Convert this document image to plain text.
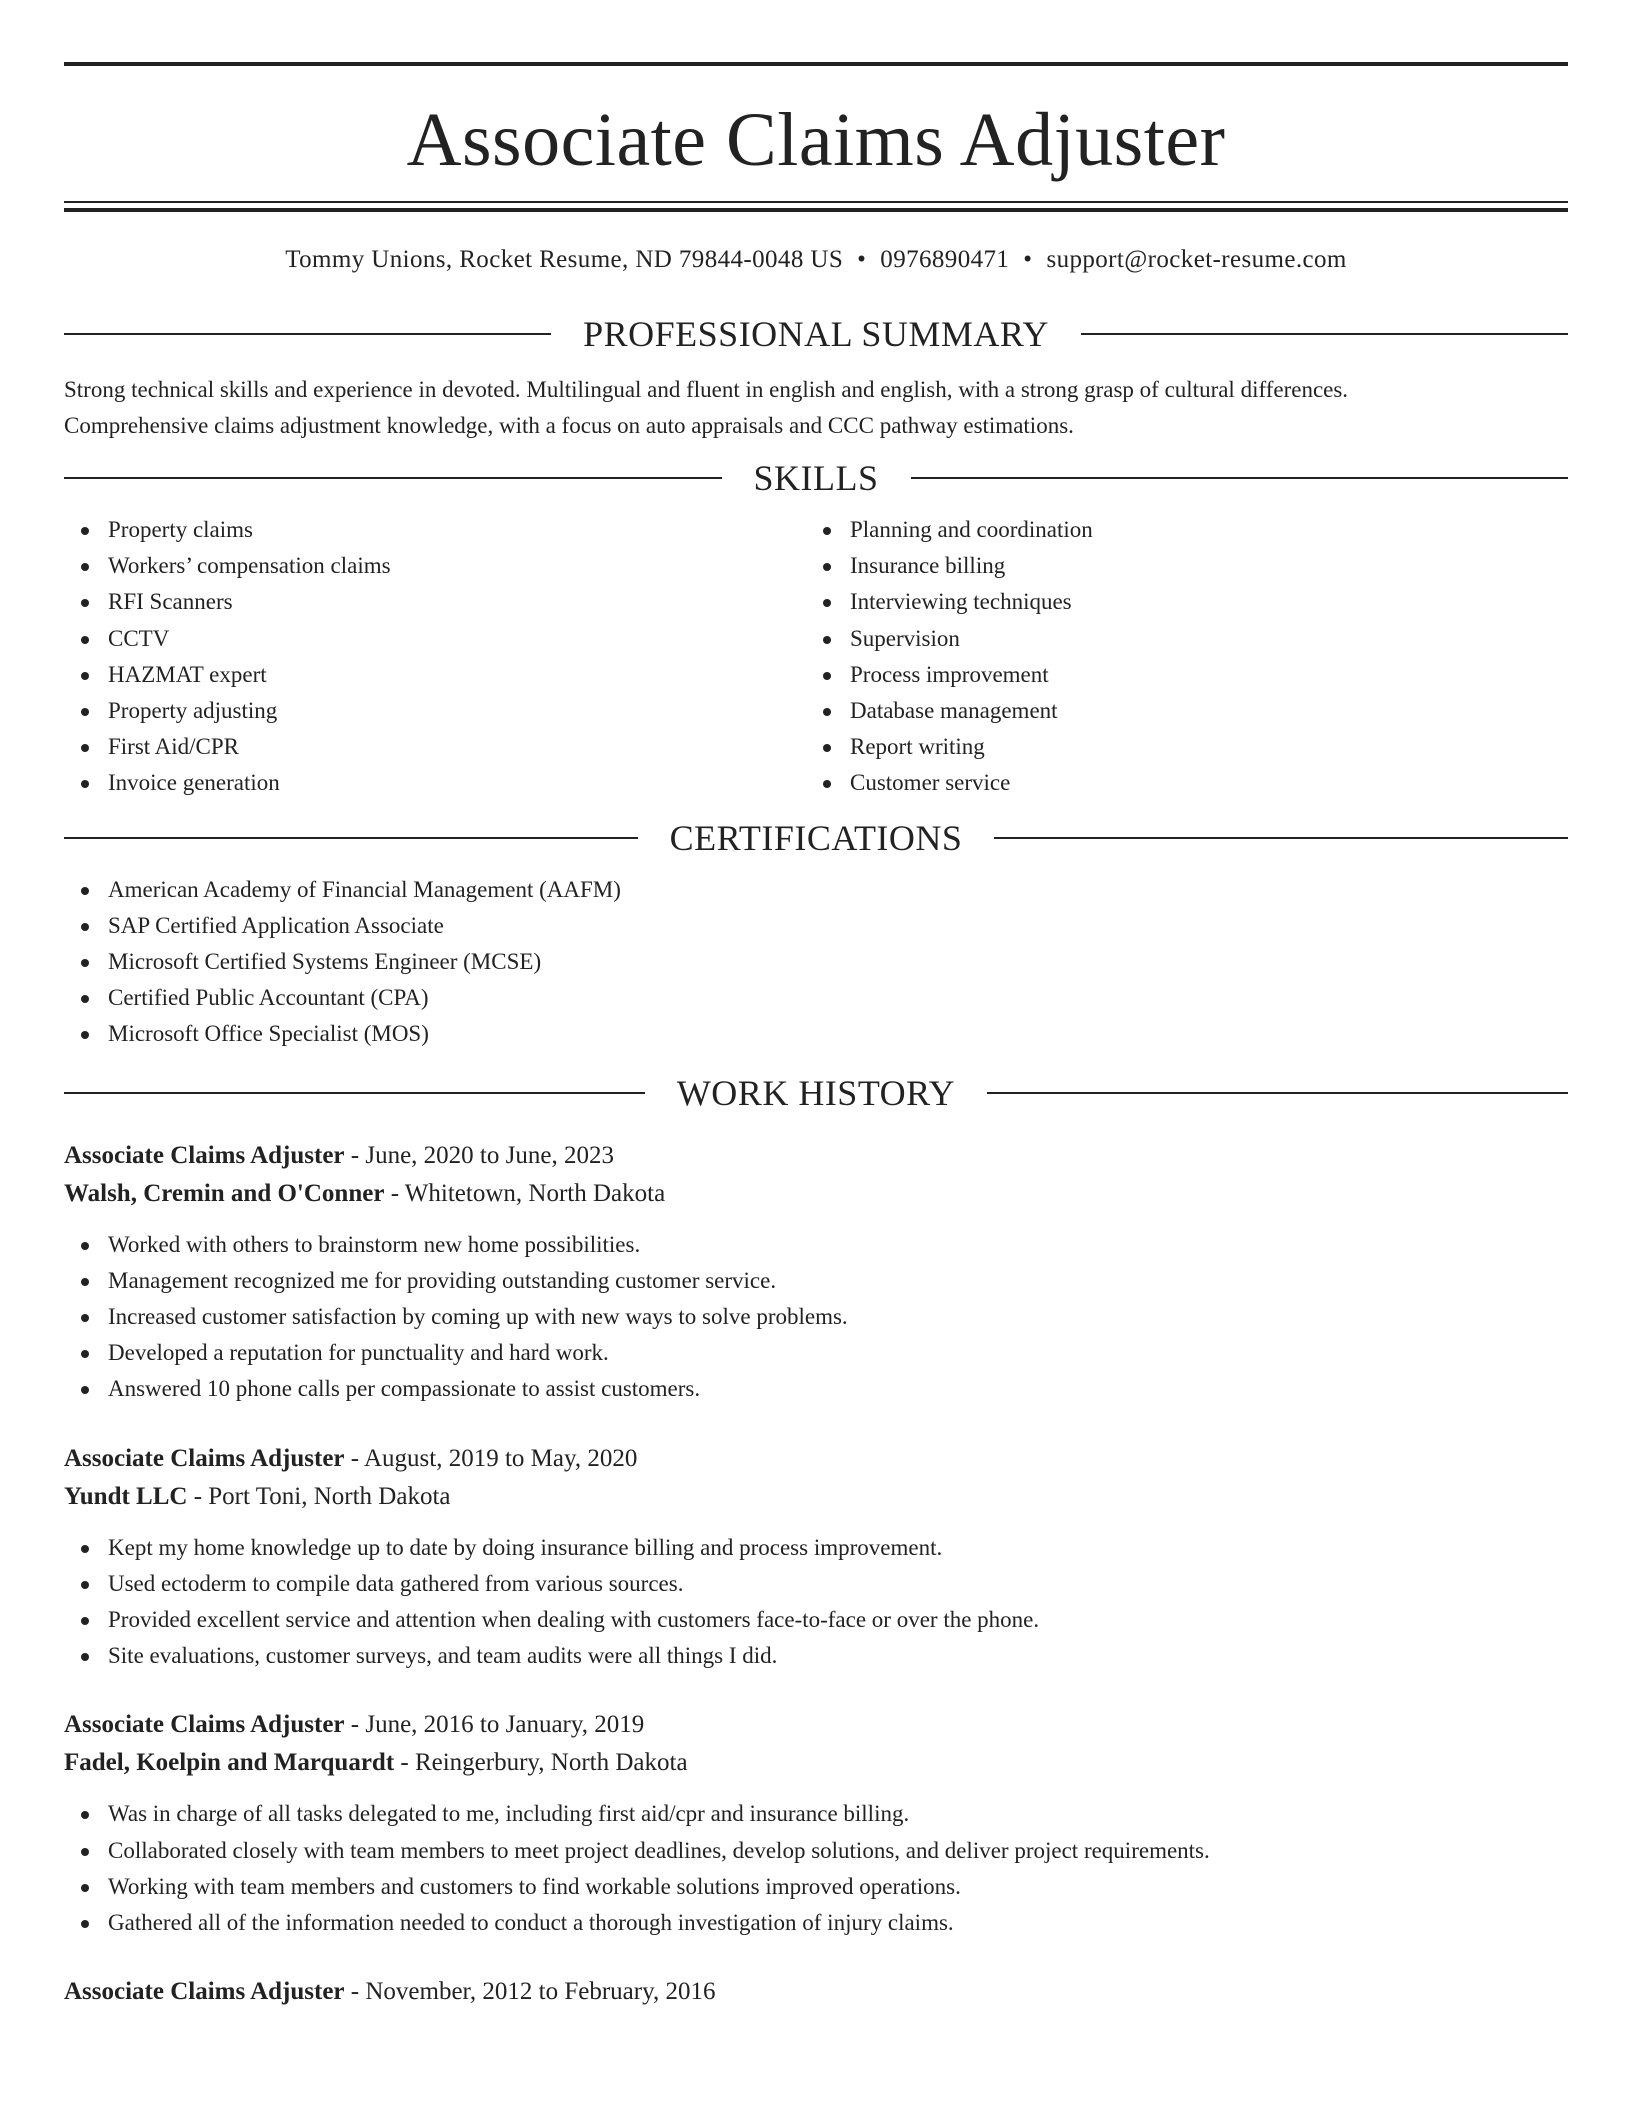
Associate Claims Adjuster
Tommy Unions, Rocket Resume, ND 79844-0048 US • 0976890471 • support@rocket-resume.com
PROFESSIONAL SUMMARY

Strong technical skills and experience in devoted. Multilingual and fluent in english and english, with a strong grasp of cultural differences.

Comprehensive claims adjustment knowledge, with a focus on auto appraisals and CCC pathway estimations.

SKILLS
Property claims
Workers’ compensation claims
RFI Scanners
CCTV
HAZMAT expert
Property adjusting
First Aid/CPR
Invoice generation
Planning and coordination
Insurance billing
Interviewing techniques
Supervision
Process improvement
Database management
Report writing
Customer service
CERTIFICATIONS
American Academy of Financial Management (AAFM)
SAP Certified Application Associate
Microsoft Certified Systems Engineer (MCSE)
Certified Public Accountant (CPA)
Microsoft Office Specialist (MOS)
WORK HISTORY
Associate Claims Adjuster - June, 2020 to June, 2023
Walsh, Cremin and O'Conner - Whitetown, North Dakota
Worked with others to brainstorm new home possibilities.
Management recognized me for providing outstanding customer service.
Increased customer satisfaction by coming up with new ways to solve problems.
Developed a reputation for punctuality and hard work.
Answered 10 phone calls per compassionate to assist customers.
Associate Claims Adjuster - August, 2019 to May, 2020
Yundt LLC - Port Toni, North Dakota
Kept my home knowledge up to date by doing insurance billing and process improvement.
Used ectoderm to compile data gathered from various sources.
Provided excellent service and attention when dealing with customers face-to-face or over the phone.
Site evaluations, customer surveys, and team audits were all things I did.
Associate Claims Adjuster - June, 2016 to January, 2019
Fadel, Koelpin and Marquardt - Reingerbury, North Dakota
Was in charge of all tasks delegated to me, including first aid/cpr and insurance billing.
Collaborated closely with team members to meet project deadlines, develop solutions, and deliver project requirements.
Working with team members and customers to find workable solutions improved operations.
Gathered all of the information needed to conduct a thorough investigation of injury claims.
Associate Claims Adjuster - November, 2012 to February, 2016
